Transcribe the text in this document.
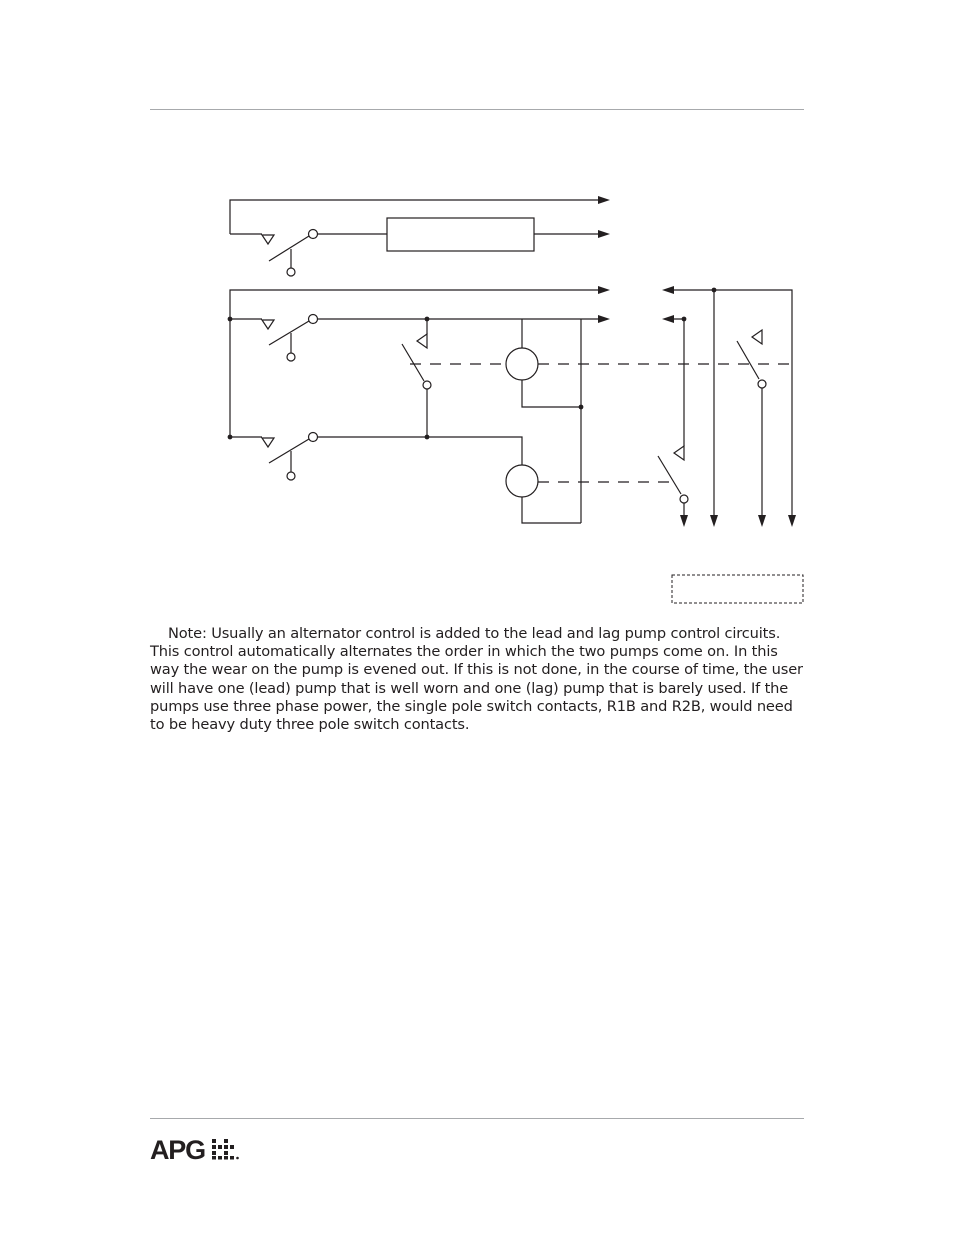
Note: Usually an alternator control is added to the lead and lag pump control circuits. This control automatically alternates the order in which the two pumps come on. In this way the wear on the pump is evened out. If this is not done, in the course of time, the user will have one (lead) pump that is well worn and one (lag) pump that is barely used. If the pumps use three phase power, the single pole switch contacts, R1B and R2B, would need to be heavy duty three pole switch contacts.

APG
